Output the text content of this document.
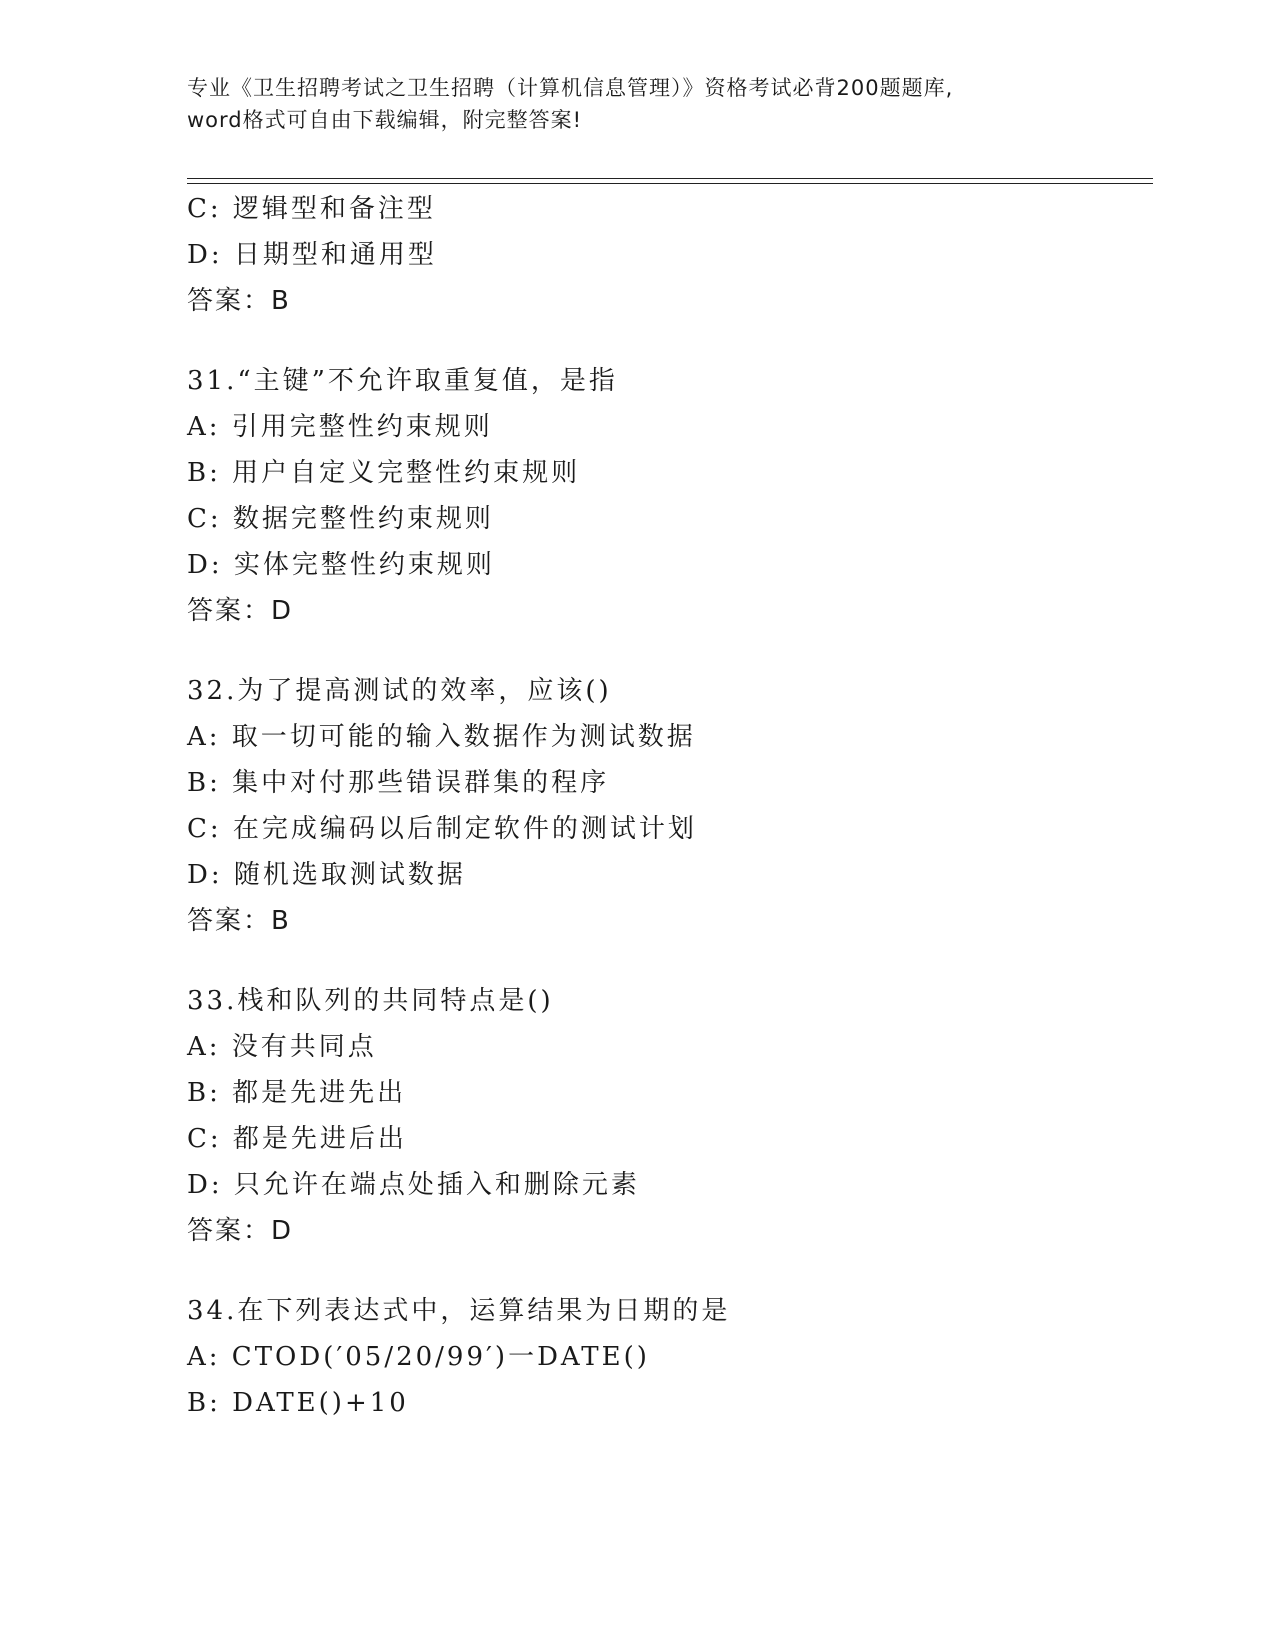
专业《卫生招聘考试之卫生招聘（计算机信息管理）》资格考试必背200题题库,
word格式可自由下载编辑，附完整答案!
C: 逻辑型和备注型
D: 日期型和通用型
答案：B
31.“主键”不允许取重复值，是指
A: 引用完整性约束规则
B: 用户自定义完整性约束规则
C: 数据完整性约束规则
D: 实体完整性约束规则
答案：D
32.为了提高测试的效率，应该()
A: 取一切可能的输入数据作为测试数据
B: 集中对付那些错误群集的程序
C: 在完成编码以后制定软件的测试计划
D: 随机选取测试数据
答案：B
33.栈和队列的共同特点是()
A: 没有共同点
B: 都是先进先出
C: 都是先进后出
D: 只允许在端点处插入和删除元素
答案：D
34.在下列表达式中，运算结果为日期的是
A: CTOD(′05/20/99′)一DATE()
B: DATE()+10
